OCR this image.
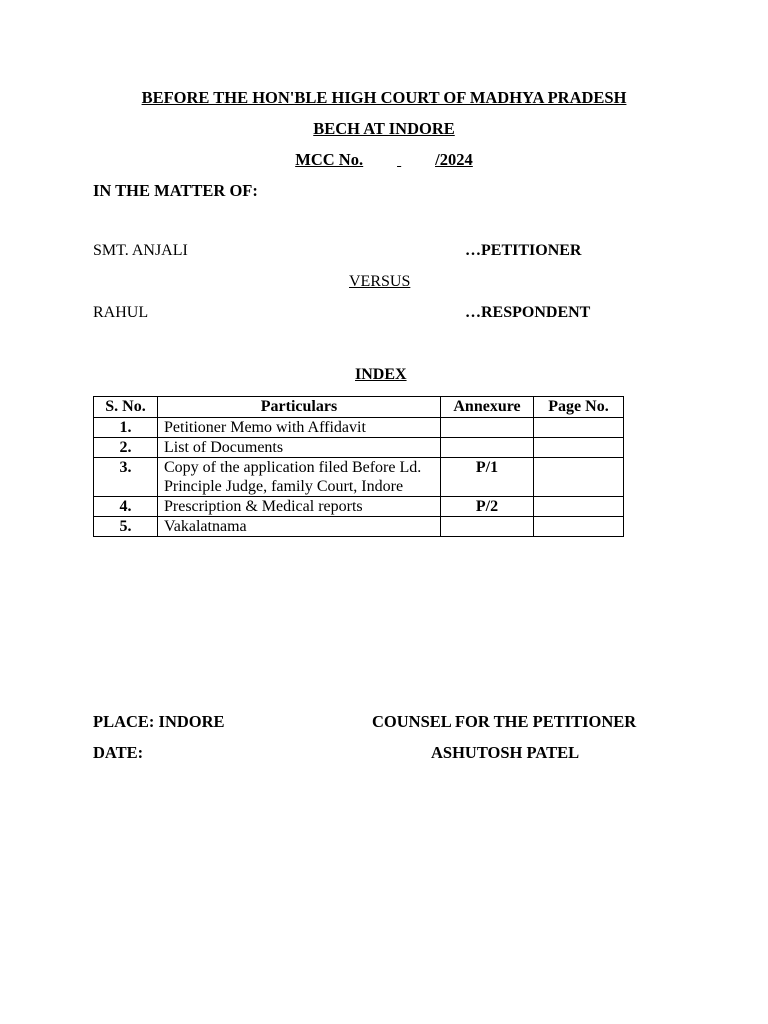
BEFORE THE HON'BLE HIGH COURT OF MADHYA PRADESH
BECH AT INDORE
MCC No.	/2024
IN THE MATTER OF:
SMT. ANJALI	…PETITIONER
VERSUS
RAHUL	…RESPONDENT
INDEX
S. No.	Particulars	Annexure	Page No.
1.	Petitioner Memo with Affidavit		
2.	List of Documents		
3.	Copy of the application filed Before Ld. Principle Judge, family Court, Indore	P/1	
4.	Prescription & Medical reports	P/2	
5.	Vakalatnama		
PLACE: INDORE	COUNSEL FOR THE PETITIONER
DATE:	ASHUTOSH PATEL
